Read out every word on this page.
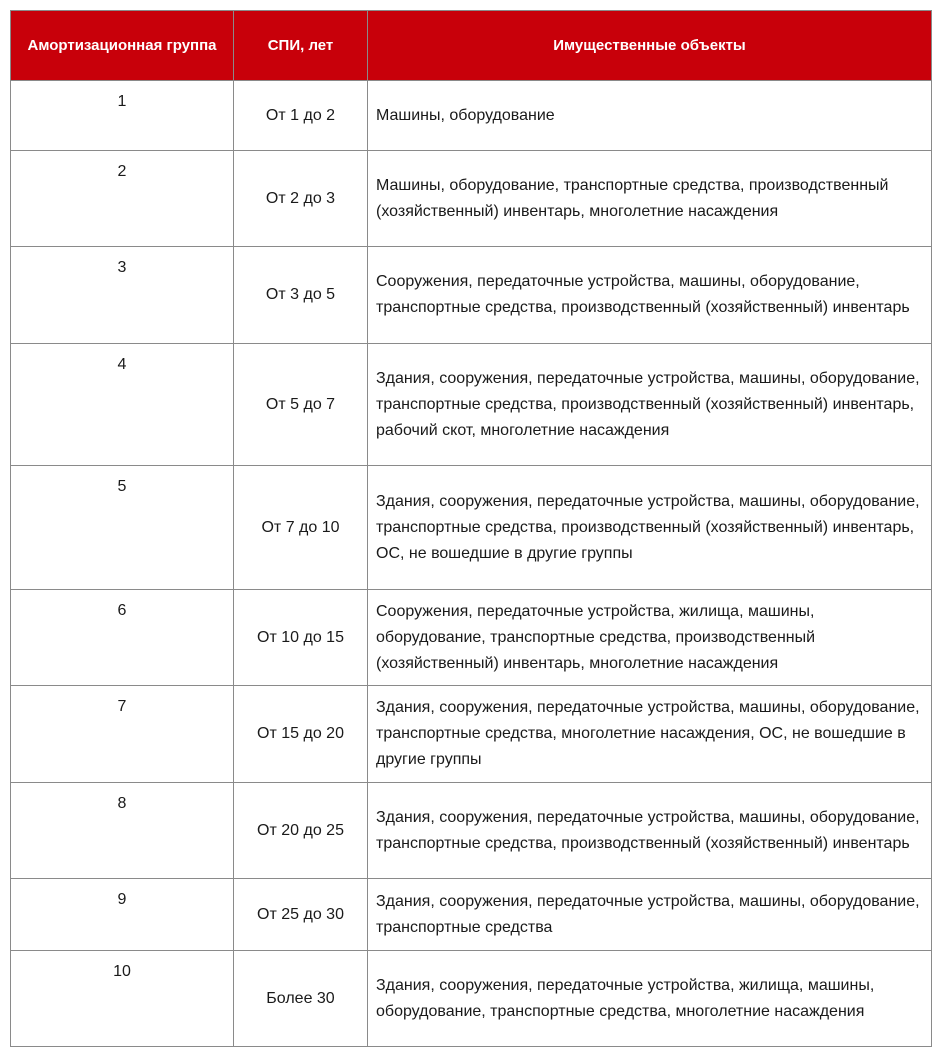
Амортизационная группа	СПИ, лет	Имущественные объекты
1	От 1 до 2	Машины, оборудование
2	От 2 до 3	Машины, оборудование, транспортные средства, производственный (хозяйственный) инвентарь, многолетние насаждения
3	От 3 до 5	Сооружения, передаточные устройства, машины, оборудование, транспортные средства, производственный (хозяйственный) инвентарь
4	От 5 до 7	Здания, сооружения, передаточные устройства, машины, оборудование, транспортные средства, производственный (хозяйственный) инвентарь, рабочий скот, многолетние насаждения
5	От 7 до 10	Здания, сооружения, передаточные устройства, машины, оборудование, транспортные средства, производственный (хозяйственный) инвентарь, ОС, не вошедшие в другие группы
6	От 10 до 15	Сооружения, передаточные устройства, жилища, машины, оборудование, транспортные средства, производственный (хозяйственный) инвентарь, многолетние насаждения
7	От 15 до 20	Здания, сооружения, передаточные устройства, машины, оборудование, транспортные средства, многолетние насаждения, ОС, не вошедшие в другие группы
8	От 20 до 25	Здания, сооружения, передаточные устройства, машины, оборудование, транспортные средства, производственный (хозяйственный) инвентарь
9	От 25 до 30	Здания, сооружения, передаточные устройства, машины, оборудование, транспортные средства
10	Более 30	Здания, сооружения, передаточные устройства, жилища, машины, оборудование, транспортные средства, многолетние насаждения
